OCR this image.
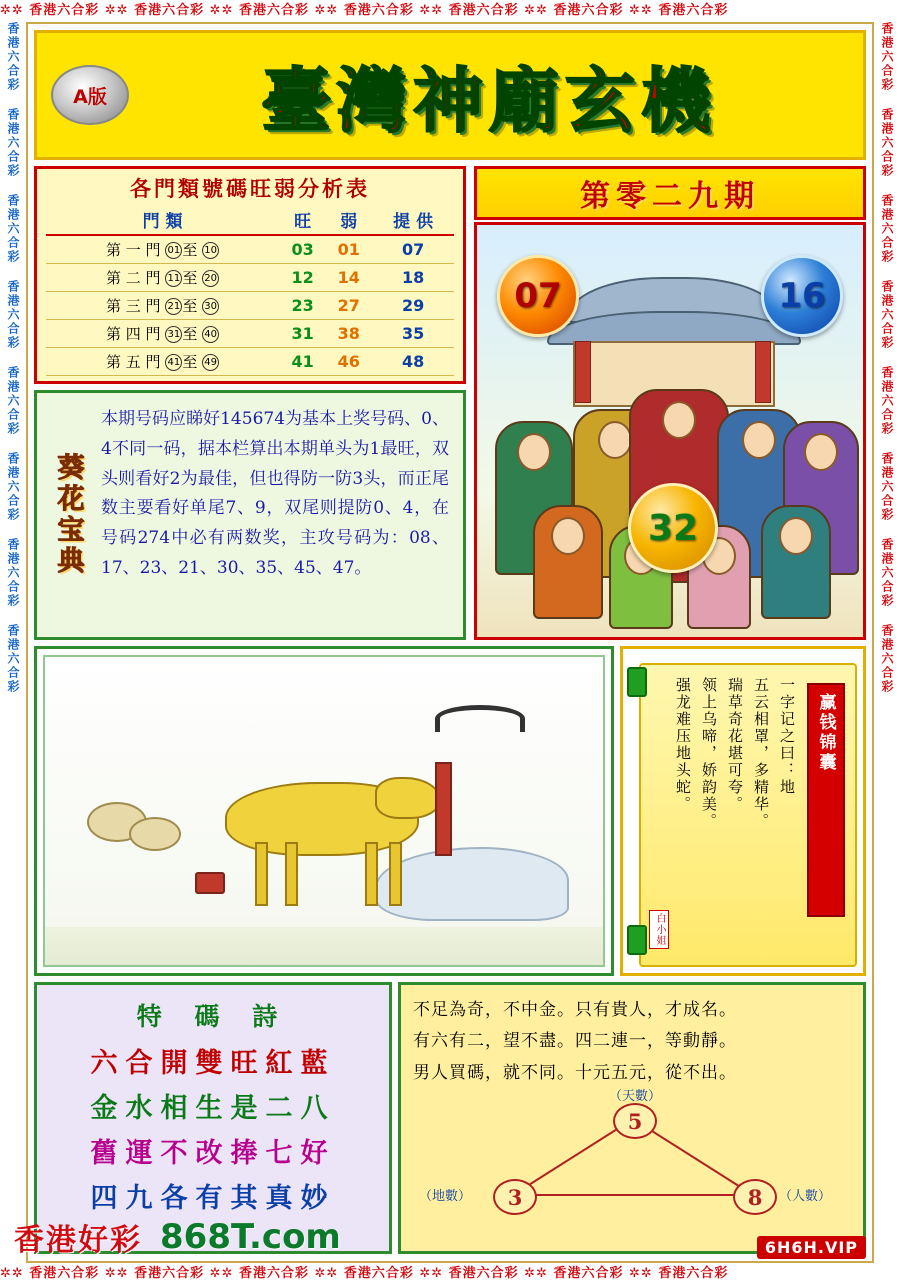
✲✲ 香港六合彩 ✲✲ 香港六合彩 ✲✲ 香港六合彩 ✲✲ 香港六合彩 ✲✲ 香港六合彩 ✲✲ 香港六合彩 ✲✲ 香港六合彩
✲✲ 香港六合彩 ✲✲ 香港六合彩 ✲✲ 香港六合彩 ✲✲ 香港六合彩 ✲✲ 香港六合彩 ✲✲ 香港六合彩 ✲✲ 香港六合彩
香港六合彩 香港六合彩 香港六合彩 香港六合彩 香港六合彩 香港六合彩 香港六合彩 香港六合彩	香港六合彩 香港六合彩 香港六合彩 香港六合彩 香港六合彩 香港六合彩 香港六合彩 香港六合彩
A版	臺灣神廟玄機
各門類號碼旺弱分析表
門 類	旺	弱	提 供
第 一 門 01 至 10	03	01	07
第 二 門 11 至 20	12	14	18
第 三 門 21 至 30	23	27	29
第 四 門 31 至 40	31	38	35
第 五 門 41 至 49	41	46	48
第零二九期
07	16
32
葵花宝典
本期号码应睇好145674为基本上奖号码、0、4不同一码，据本栏算出本期单头为1最旺，双头则看好2为最佳，但也得防一防3头，而正尾数主要看好单尾7、9，双尾则提防0、4，在号码274中必有两数奖，主攻号码为：08、17、23、21、30、35、45、47。
赢钱锦囊
一字记之曰：地
五云相罩，多精华。
瑞草奇花堪可夸。
领上乌啼，娇韵美。
强龙难压地头蛇。
白小姐
特 碼 詩
六合開雙旺紅藍
金水相生是二八
舊運不改捧七好
四九各有其真妙
不足為奇，不中金。只有貴人，才成名。
有六有二，望不盡。四二連一，等動靜。
男人買碼，就不同。十元五元，從不出。
5
（天數）
3
（地數）	8	（人數）
香港好彩 868T.com	6H6H.VIP
